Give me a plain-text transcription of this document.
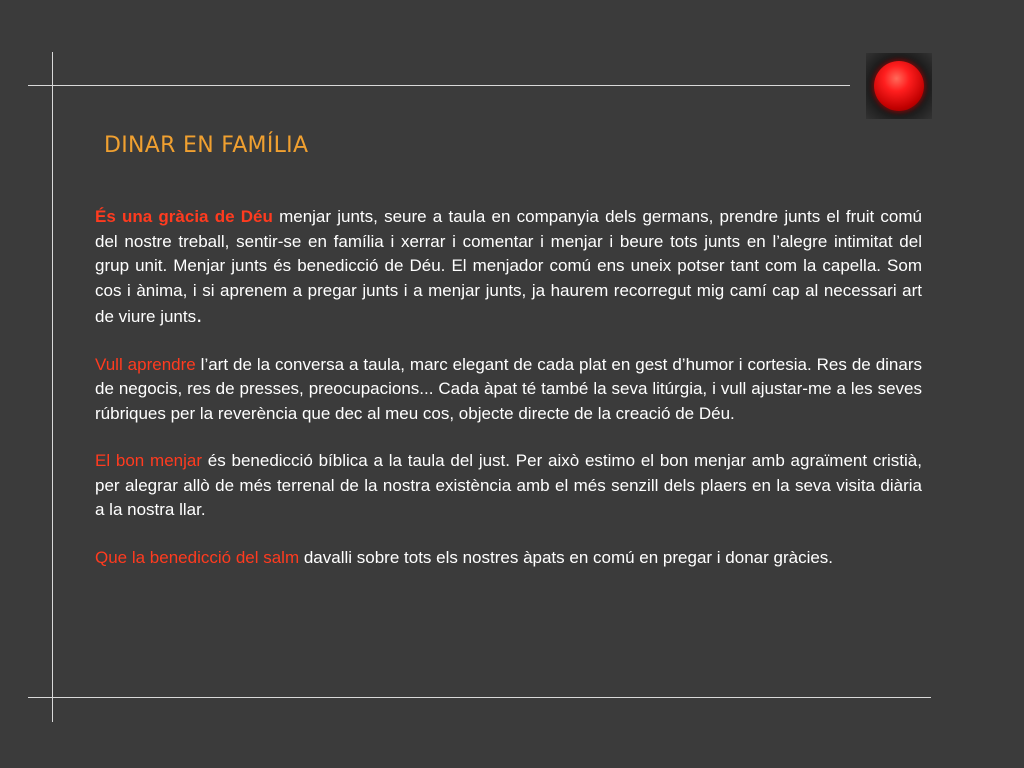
DINAR EN FAMÍLIA

És una gràcia de Déu menjar junts, seure a taula en companyia dels germans, prendre junts el fruit comú del nostre treball, sentir-se en família i xerrar i comentar i menjar i beure tots junts en l’alegre intimitat del grup unit. Menjar junts és benedicció de Déu. El menjador comú ens uneix potser tant com la capella. Som cos i ànima, i si aprenem a pregar junts i a menjar junts, ja haurem recorregut mig camí cap al necessari art de viure junts.

Vull aprendre l’art de la conversa a taula, marc elegant de cada plat en gest d’humor i cortesia. Res de dinars de negocis, res de presses, preocupacions... Cada àpat té també la seva litúrgia, i vull ajustar-me a les seves rúbriques per la reverència que dec al meu cos, objecte directe de la creació de Déu.

El bon menjar és benedicció bíblica a la taula del just. Per això estimo el bon menjar amb agraïment cristià, per alegrar allò de més terrenal de la nostra existència amb el més senzill dels plaers en la seva visita diària a la nostra llar.

Que la benedicció del salm davalli sobre tots els nostres àpats en comú en pregar i donar gràcies.
